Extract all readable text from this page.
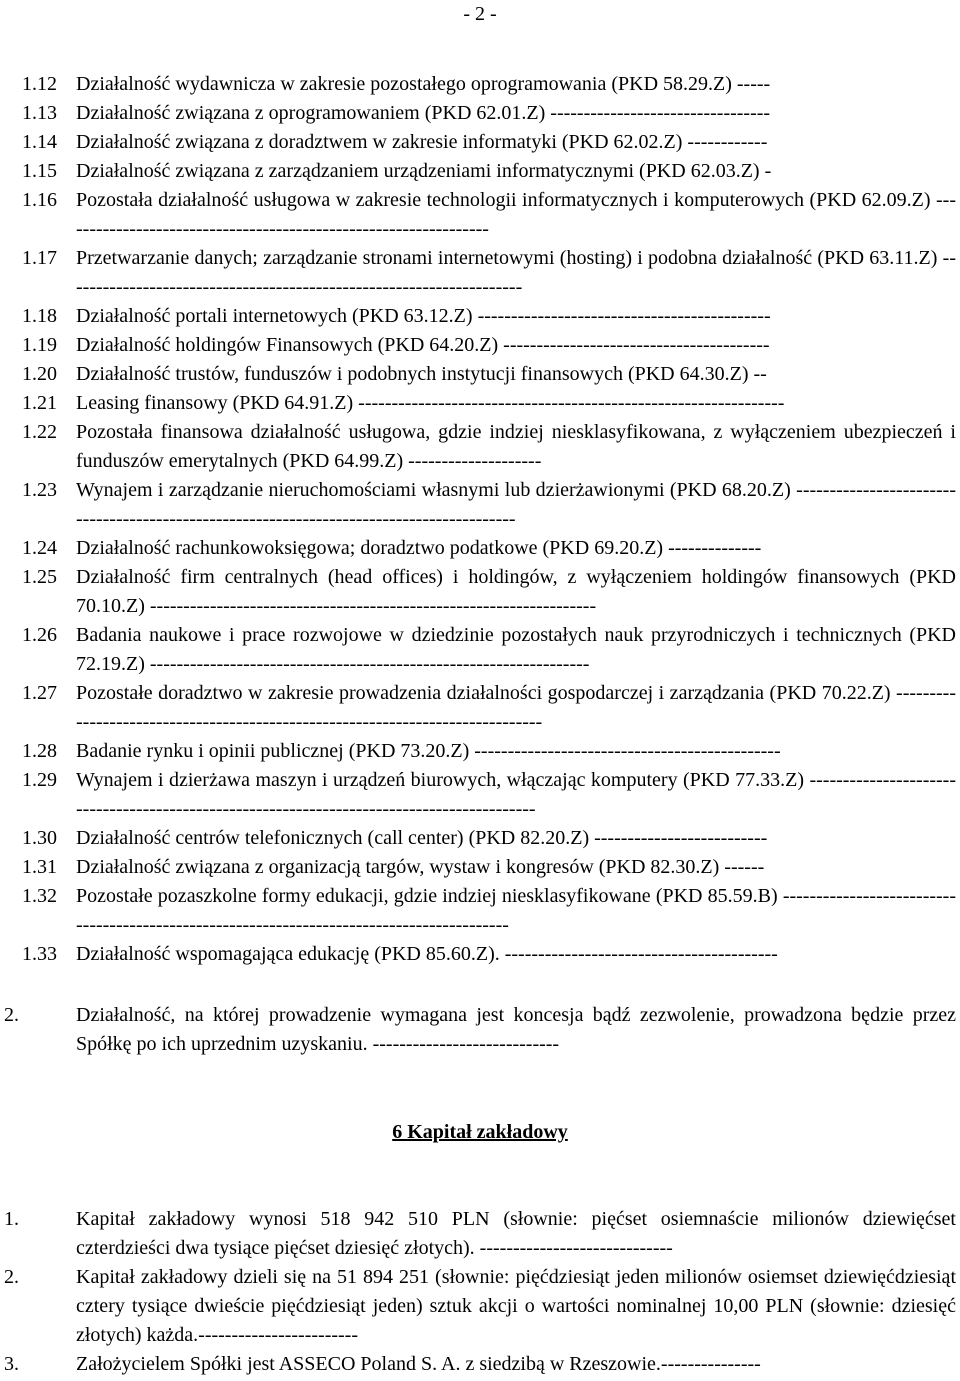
- 2 -
1.12 Działalność wydawnicza w zakresie pozostałego oprogramowania (PKD 58.29.Z) -----
1.13 Działalność związana z oprogramowaniem (PKD 62.01.Z) ---------------------------------
1.14 Działalność związana z doradztwem w zakresie informatyki (PKD 62.02.Z) ------------
1.15 Działalność związana z zarządzaniem urządzeniami informatycznymi (PKD 62.03.Z) -
1.16 Pozostała działalność usługowa w zakresie technologii informatycznych i komputerowych (PKD 62.09.Z) -----------------------------------------------------------------
1.17 Przetwarzanie danych; zarządzanie stronami internetowymi (hosting) i podobna działalność (PKD 63.11.Z) ---------------------------------------------------------------------
1.18 Działalność portali internetowych (PKD 63.12.Z) --------------------------------------------
1.19 Działalność holdingów Finansowych (PKD 64.20.Z) ----------------------------------------
1.20 Działalność trustów, funduszów i podobnych instytucji finansowych (PKD 64.30.Z) --
1.21 Leasing finansowy (PKD 64.91.Z) ----------------------------------------------------------------
1.22 Pozostała finansowa działalność usługowa, gdzie indziej niesklasyfikowana, z wyłączeniem ubezpieczeń i funduszów emerytalnych (PKD 64.99.Z) --------------------
1.23 Wynajem i zarządzanie nieruchomościami własnymi lub dzierżawionymi (PKD 68.20.Z) ------------------------------------------------------------------------------------------
1.24 Działalność rachunkowoksięgowa; doradztwo podatkowe (PKD 69.20.Z) --------------
1.25 Działalność firm centralnych (head offices) i holdingów, z wyłączeniem holdingów finansowych (PKD 70.10.Z) -------------------------------------------------------------------
1.26 Badania naukowe i prace rozwojowe w dziedzinie pozostałych nauk przyrodniczych i technicznych (PKD 72.19.Z) ------------------------------------------------------------------
1.27 Pozostałe doradztwo w zakresie prowadzenia działalności gospodarczej i zarządzania (PKD 70.22.Z) -------------------------------------------------------------------------------
1.28 Badanie rynku i opinii publicznej (PKD 73.20.Z) ----------------------------------------------
1.29 Wynajem i dzierżawa maszyn i urządzeń biurowych, włączając komputery (PKD 77.33.Z) -------------------------------------------------------------------------------------------
1.30 Działalność centrów telefonicznych (call center) (PKD 82.20.Z) --------------------------
1.31 Działalność związana z organizacją targów, wystaw i kongresów (PKD 82.30.Z) ------
1.32 Pozostałe pozaszkolne formy edukacji, gdzie indziej niesklasyfikowane (PKD 85.59.B) -------------------------------------------------------------------------------------------
1.33 Działalność wspomagająca edukację (PKD 85.60.Z). -----------------------------------------
2.	Działalność, na której prowadzenie wymagana jest koncesja bądź zezwolenie, prowadzona będzie przez Spółkę po ich uprzednim uzyskaniu. ----------------------------
6 Kapitał zakładowy
1.	Kapitał zakładowy wynosi 518 942 510 PLN (słownie: pięćset osiemnaście milionów dziewięćset czterdzieści dwa tysiące pięćset dziesięć złotych). -----------------------------
2.	Kapitał zakładowy dzieli się na 51 894 251 (słownie: pięćdziesiąt jeden milionów osiemset dziewięćdziesiąt cztery tysiące dwieście pięćdziesiąt jeden) sztuk akcji o wartości nominalnej 10,00 PLN (słownie: dziesięć złotych) każda.------------------------
3.	Założycielem Spółki jest ASSECO Poland S. A. z siedzibą w Rzeszowie.---------------
